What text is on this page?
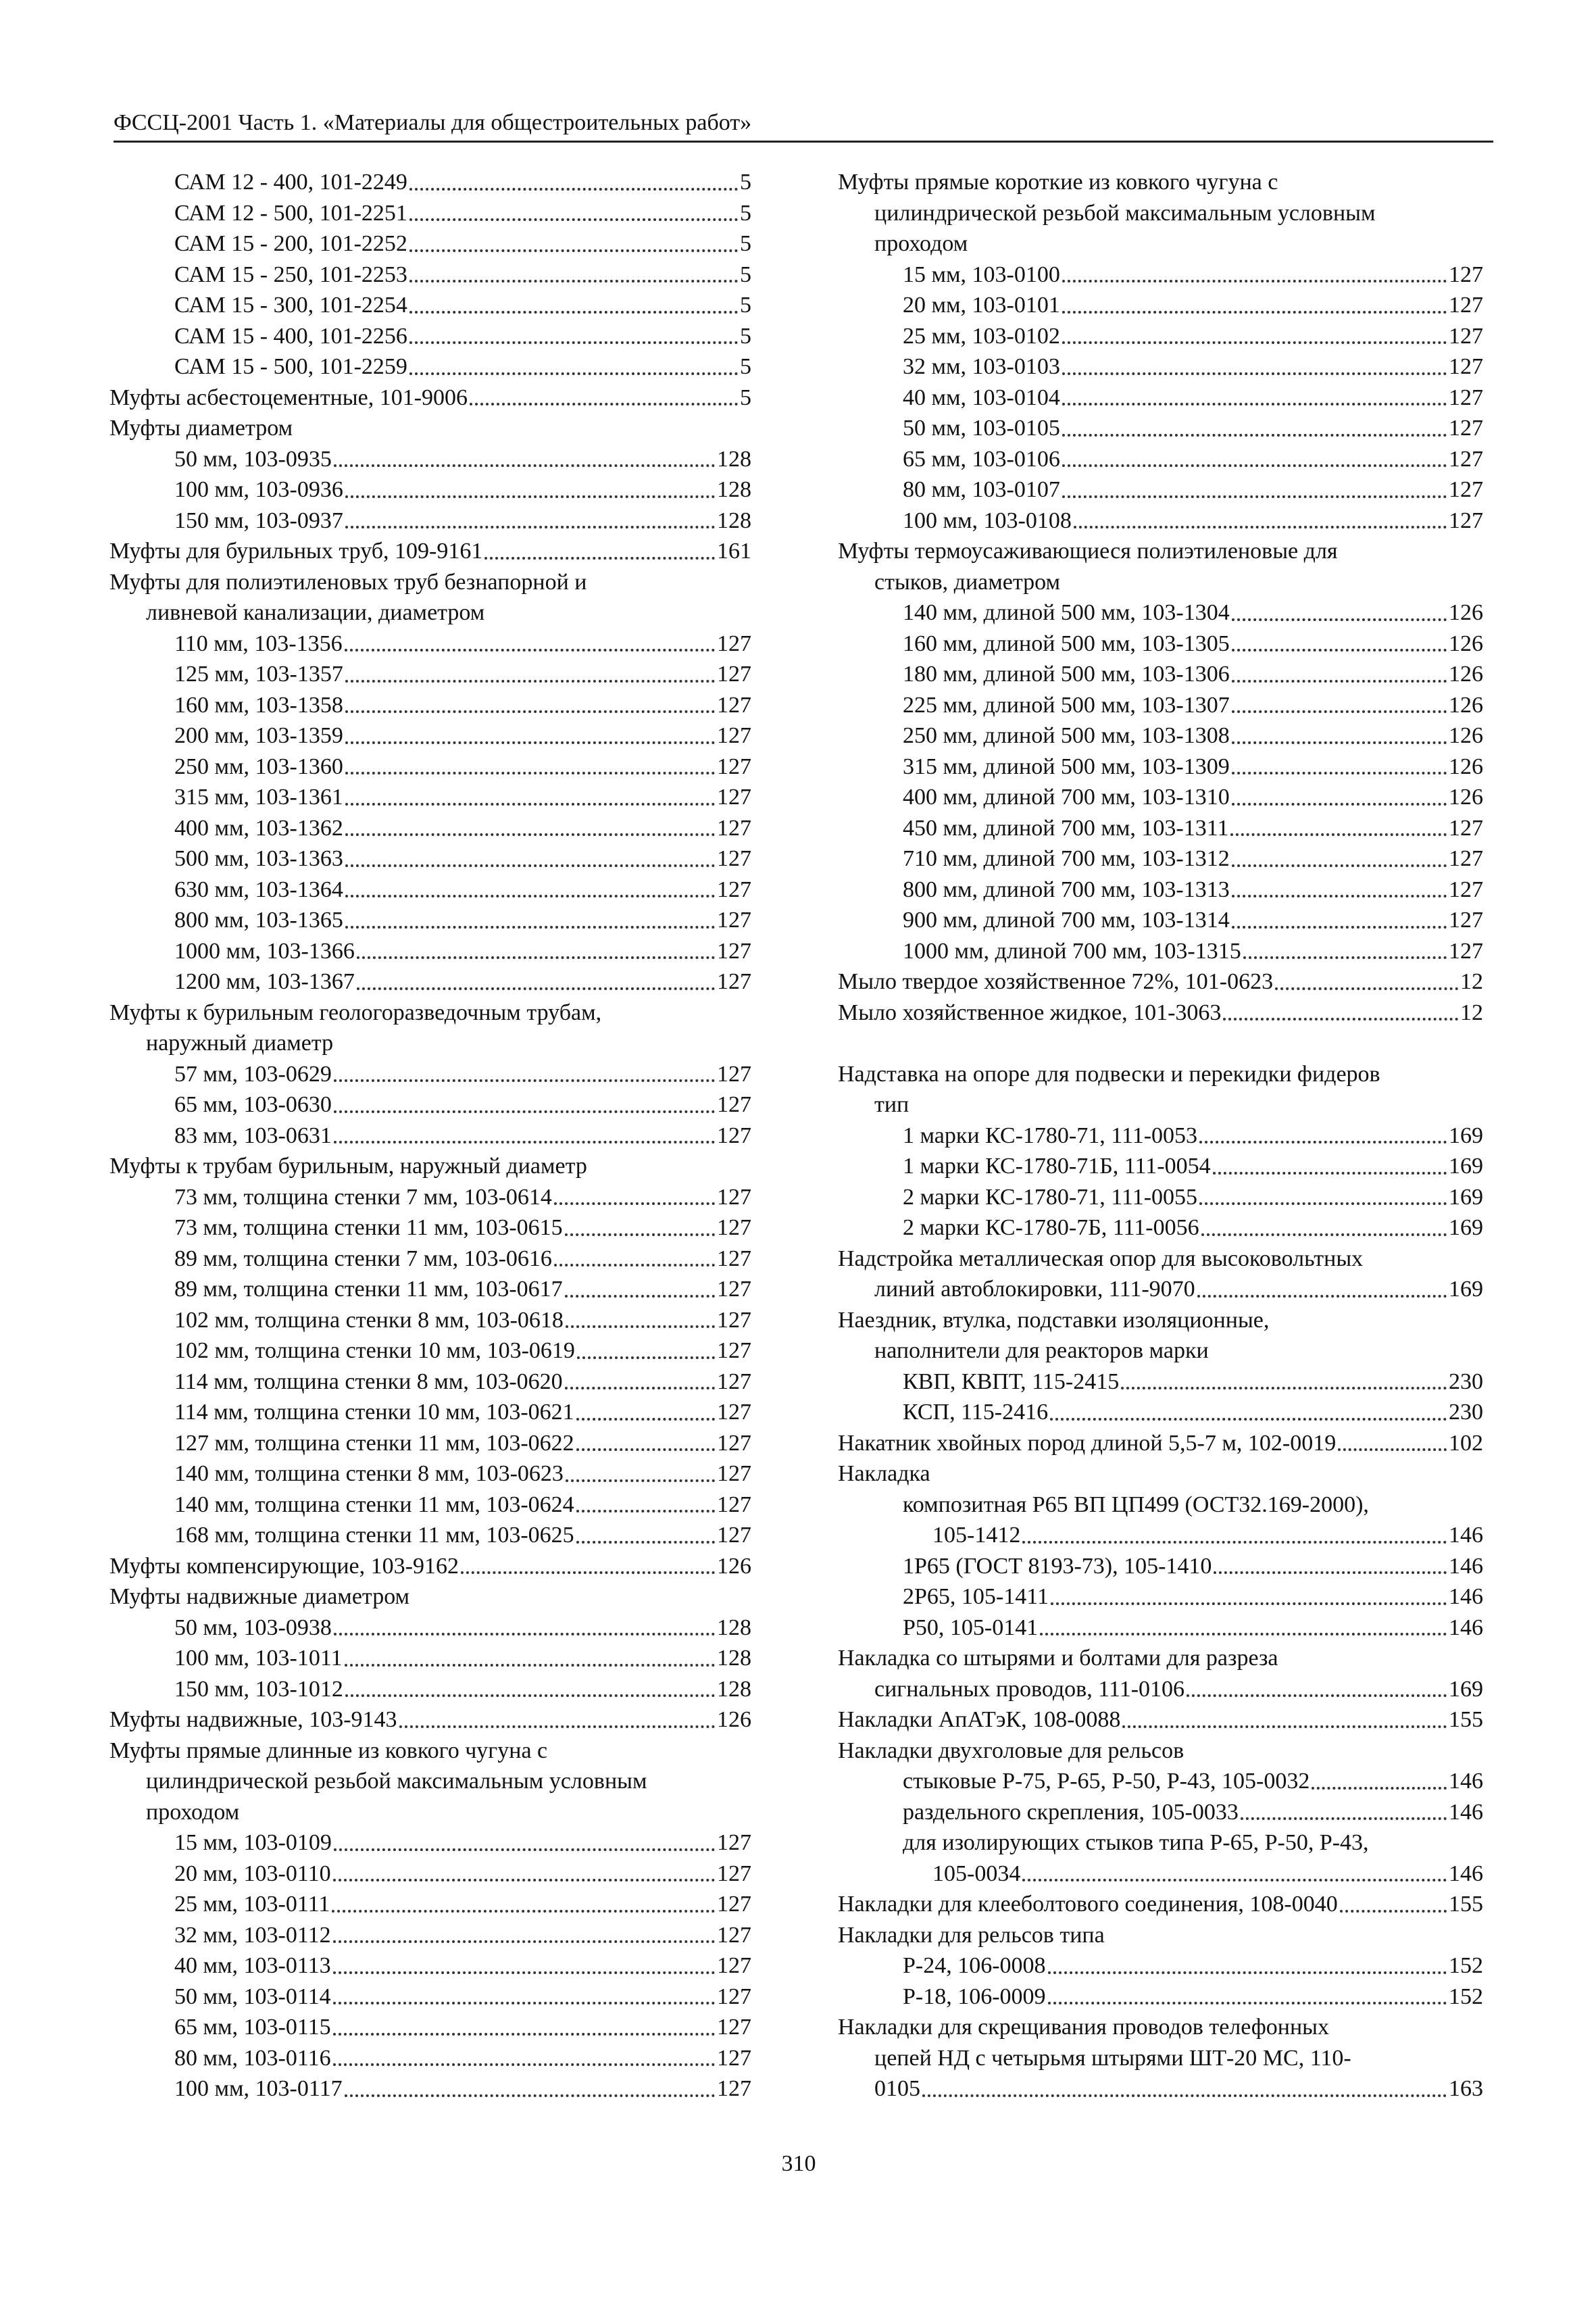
ФССЦ-2001 Часть 1. «Материалы для общестроительных работ»
САМ 12 - 400, 101-2249	5
САМ 12 - 500, 101-2251	5
САМ 15 - 200, 101-2252	5
САМ 15 - 250, 101-2253	5
САМ 15 - 300, 101-2254	5
САМ 15 - 400, 101-2256	5
САМ 15 - 500, 101-2259	5
Муфты асбестоцементные, 101-9006	5
Муфты диаметром
50 мм, 103-0935	128
100 мм, 103-0936	128
150 мм, 103-0937	128
Муфты для бурильных труб, 109-9161	161
Муфты для полиэтиленовых труб безнапорной и
ливневой канализации, диаметром
110 мм, 103-1356	127
125 мм, 103-1357	127
160 мм, 103-1358	127
200 мм, 103-1359	127
250 мм, 103-1360	127
315 мм, 103-1361	127
400 мм, 103-1362	127
500 мм, 103-1363	127
630 мм, 103-1364	127
800 мм, 103-1365	127
1000 мм, 103-1366	127
1200 мм, 103-1367	127
Муфты к бурильным геологоразведочным трубам,
наружный диаметр
57 мм, 103-0629	127
65 мм, 103-0630	127
83 мм, 103-0631	127
Муфты к трубам бурильным, наружный диаметр
73 мм, толщина стенки 7 мм, 103-0614	127
73 мм, толщина стенки 11 мм, 103-0615	127
89 мм, толщина стенки 7 мм, 103-0616	127
89 мм, толщина стенки 11 мм, 103-0617	127
102 мм, толщина стенки 8 мм, 103-0618	127
102 мм, толщина стенки 10 мм, 103-0619	127
114 мм, толщина стенки 8 мм, 103-0620	127
114 мм, толщина стенки 10 мм, 103-0621	127
127 мм, толщина стенки 11 мм, 103-0622	127
140 мм, толщина стенки 8 мм, 103-0623	127
140 мм, толщина стенки 11 мм, 103-0624	127
168 мм, толщина стенки 11 мм, 103-0625	127
Муфты компенсирующие, 103-9162	126
Муфты надвижные диаметром
50 мм, 103-0938	128
100 мм, 103-1011	128
150 мм, 103-1012	128
Муфты надвижные, 103-9143	126
Муфты прямые длинные из ковкого чугуна с
цилиндрической резьбой максимальным условным
проходом
15 мм, 103-0109	127
20 мм, 103-0110	127
25 мм, 103-0111	127
32 мм, 103-0112	127
40 мм, 103-0113	127
50 мм, 103-0114	127
65 мм, 103-0115	127
80 мм, 103-0116	127
100 мм, 103-0117	127
Муфты прямые короткие из ковкого чугуна с
цилиндрической резьбой максимальным условным
проходом
15 мм, 103-0100	127
20 мм, 103-0101	127
25 мм, 103-0102	127
32 мм, 103-0103	127
40 мм, 103-0104	127
50 мм, 103-0105	127
65 мм, 103-0106	127
80 мм, 103-0107	127
100 мм, 103-0108	127
Муфты термоусаживающиеся полиэтиленовые для
стыков, диаметром
140 мм, длиной 500 мм, 103-1304	126
160 мм, длиной 500 мм, 103-1305	126
180 мм, длиной 500 мм, 103-1306	126
225 мм, длиной 500 мм, 103-1307	126
250 мм, длиной 500 мм, 103-1308	126
315 мм, длиной 500 мм, 103-1309	126
400 мм, длиной 700 мм, 103-1310	126
450 мм, длиной 700 мм, 103-1311	127
710 мм, длиной 700 мм, 103-1312	127
800 мм, длиной 700 мм, 103-1313	127
900 мм, длиной 700 мм, 103-1314	127
1000 мм, длиной 700 мм, 103-1315	127
Мыло твердое хозяйственное 72%, 101-0623	12
Мыло хозяйственное жидкое, 101-3063	12
Надставка на опоре для подвески и перекидки фидеров
тип
1 марки КС-1780-71, 111-0053	169
1 марки КС-1780-71Б, 111-0054	169
2 марки КС-1780-71, 111-0055	169
2 марки КС-1780-7Б, 111-0056	169
Надстройка металлическая опор для высоковольтных
линий автоблокировки, 111-9070	169
Наездник, втулка, подставки изоляционные,
наполнители для реакторов марки
КВП, КВПТ, 115-2415	230
КСП, 115-2416	230
Накатник хвойных пород длиной 5,5-7 м, 102-0019	102
Накладка
композитная Р65 ВП ЦП499 (ОСТ32.169-2000),
105-1412	146
1Р65 (ГОСТ 8193-73), 105-1410	146
2Р65, 105-1411	146
Р50, 105-0141	146
Накладка со штырями и болтами для разреза
сигнальных проводов, 111-0106	169
Накладки АпАТэК, 108-0088	155
Накладки двухголовые для рельсов
стыковые Р-75, Р-65, Р-50, Р-43, 105-0032	146
раздельного скрепления, 105-0033	146
для изолирующих стыков типа Р-65, Р-50, Р-43,
105-0034	146
Накладки для клееболтового соединения, 108-0040	155
Накладки для рельсов типа
Р-24, 106-0008	152
Р-18, 106-0009	152
Накладки для скрещивания проводов телефонных
цепей НД с четырьмя штырями ШТ-20 МС, 110-
0105	163
310
